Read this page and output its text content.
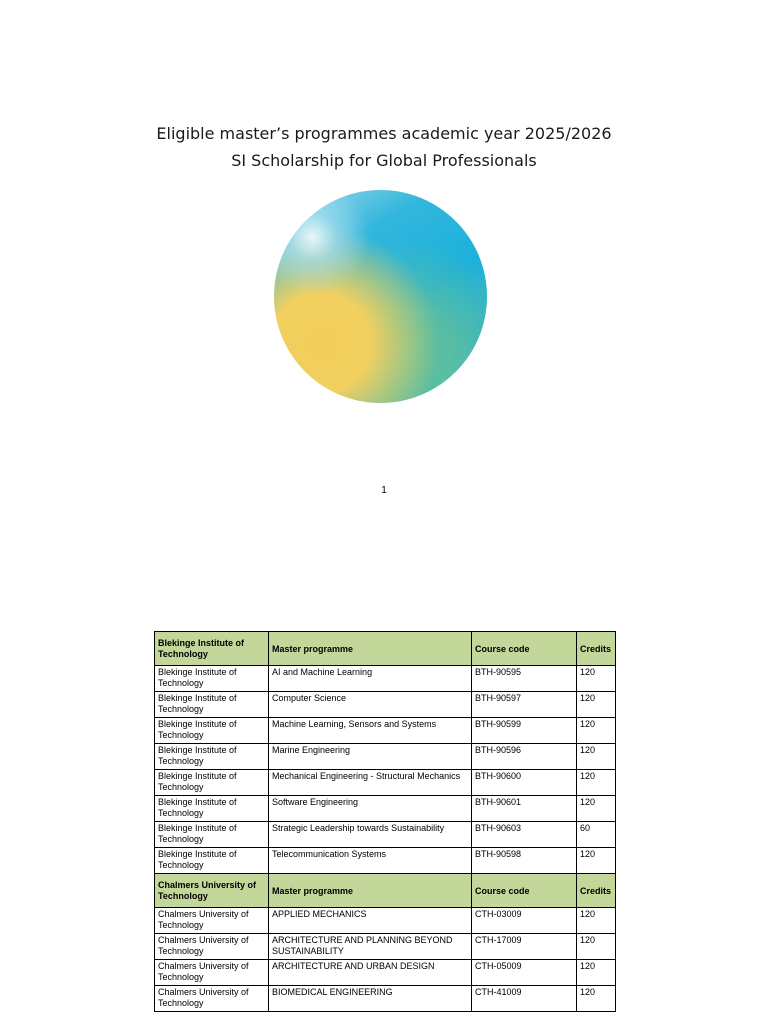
Eligible master’s programmes academic year 2025/2026
SI Scholarship for Global Professionals
1
Blekinge Institute of Technology	Master programme	Course code	Credits
Blekinge Institute of Technology	AI and Machine Learning	BTH-90595	120
Blekinge Institute of Technology	Computer Science	BTH-90597	120
Blekinge Institute of Technology	Machine Learning, Sensors and Systems	BTH-90599	120
Blekinge Institute of Technology	Marine Engineering	BTH-90596	120
Blekinge Institute of Technology	Mechanical Engineering - Structural Mechanics	BTH-90600	120
Blekinge Institute of Technology	Software Engineering	BTH-90601	120
Blekinge Institute of Technology	Strategic Leadership towards Sustainability	BTH-90603	60
Blekinge Institute of Technology	Telecommunication Systems	BTH-90598	120
Chalmers University of Technology	Master programme	Course code	Credits
Chalmers University of Technology	APPLIED MECHANICS	CTH-03009	120
Chalmers University of Technology	ARCHITECTURE AND PLANNING BEYOND SUSTAINABILITY	CTH-17009	120
Chalmers University of Technology	ARCHITECTURE AND URBAN DESIGN	CTH-05009	120
Chalmers University of Technology	BIOMEDICAL ENGINEERING	CTH-41009	120
